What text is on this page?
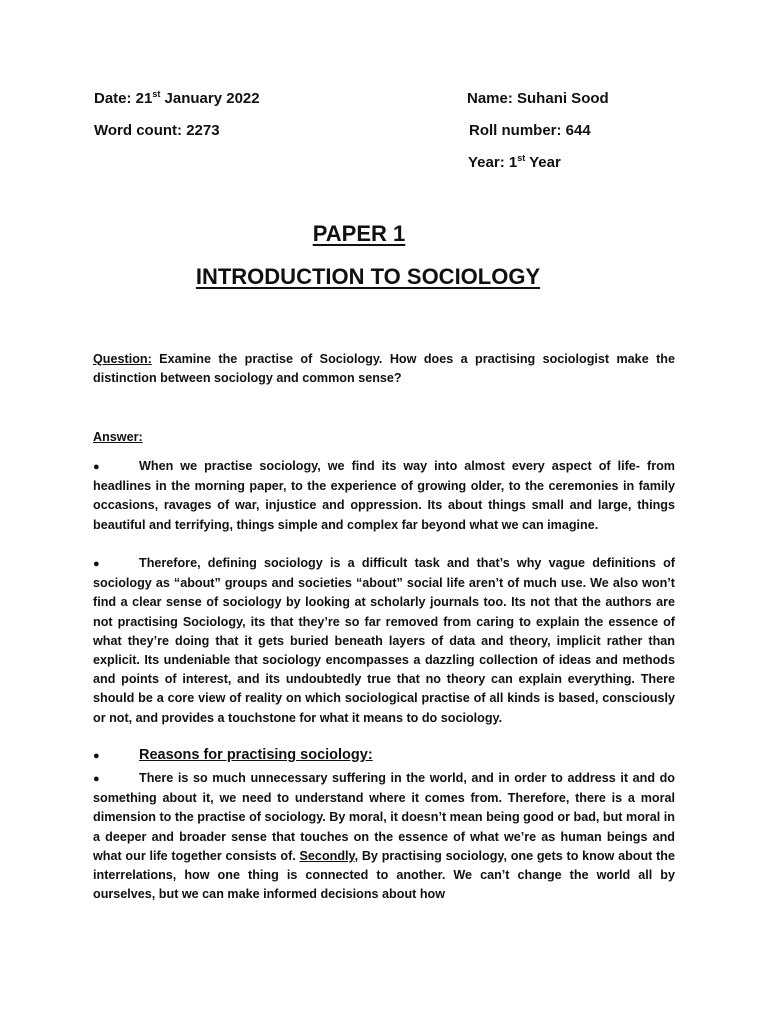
Date: 21st January 2022
Word count: 2273
Name: Suhani Sood
Roll number: 644
Year: 1st Year
PAPER 1
INTRODUCTION TO SOCIOLOGY
Question: Examine the practise of Sociology. How does a practising sociologist make the distinction between sociology and common sense?
Answer:
●	When we practise sociology, we find its way into almost every aspect of life- from headlines in the morning paper, to the experience of growing older, to the ceremonies in family occasions, ravages of war, injustice and oppression. Its about things small and large, things beautiful and terrifying, things simple and complex far beyond what we can imagine.
●	Therefore, defining sociology is a difficult task and that’s why vague definitions of sociology as “about” groups and societies “about” social life aren’t of much use. We also won’t find a clear sense of sociology by looking at scholarly journals too. Its not that the authors are not practising Sociology, its that they’re so far removed from caring to explain the essence of what they’re doing that it gets buried beneath layers of data and theory, implicit rather than explicit. Its undeniable that sociology encompasses a dazzling collection of ideas and methods and points of interest, and its undoubtedly true that no theory can explain everything. There should be a core view of reality on which sociological practise of all kinds is based, consciously or not, and provides a touchstone for what it means to do sociology.
●	Reasons for practising sociology:
●	There is so much unnecessary suffering in the world, and in order to address it and do something about it, we need to understand where it comes from. Therefore, there is a moral dimension to the practise of sociology. By moral, it doesn’t mean being good or bad, but moral in a deeper and broader sense that touches on the essence of what we’re as human beings and what our life together consists of. Secondly, By practising sociology, one gets to know about the interrelations, how one thing is connected to another. We can’t change the world all by ourselves, but we can make informed decisions about how
